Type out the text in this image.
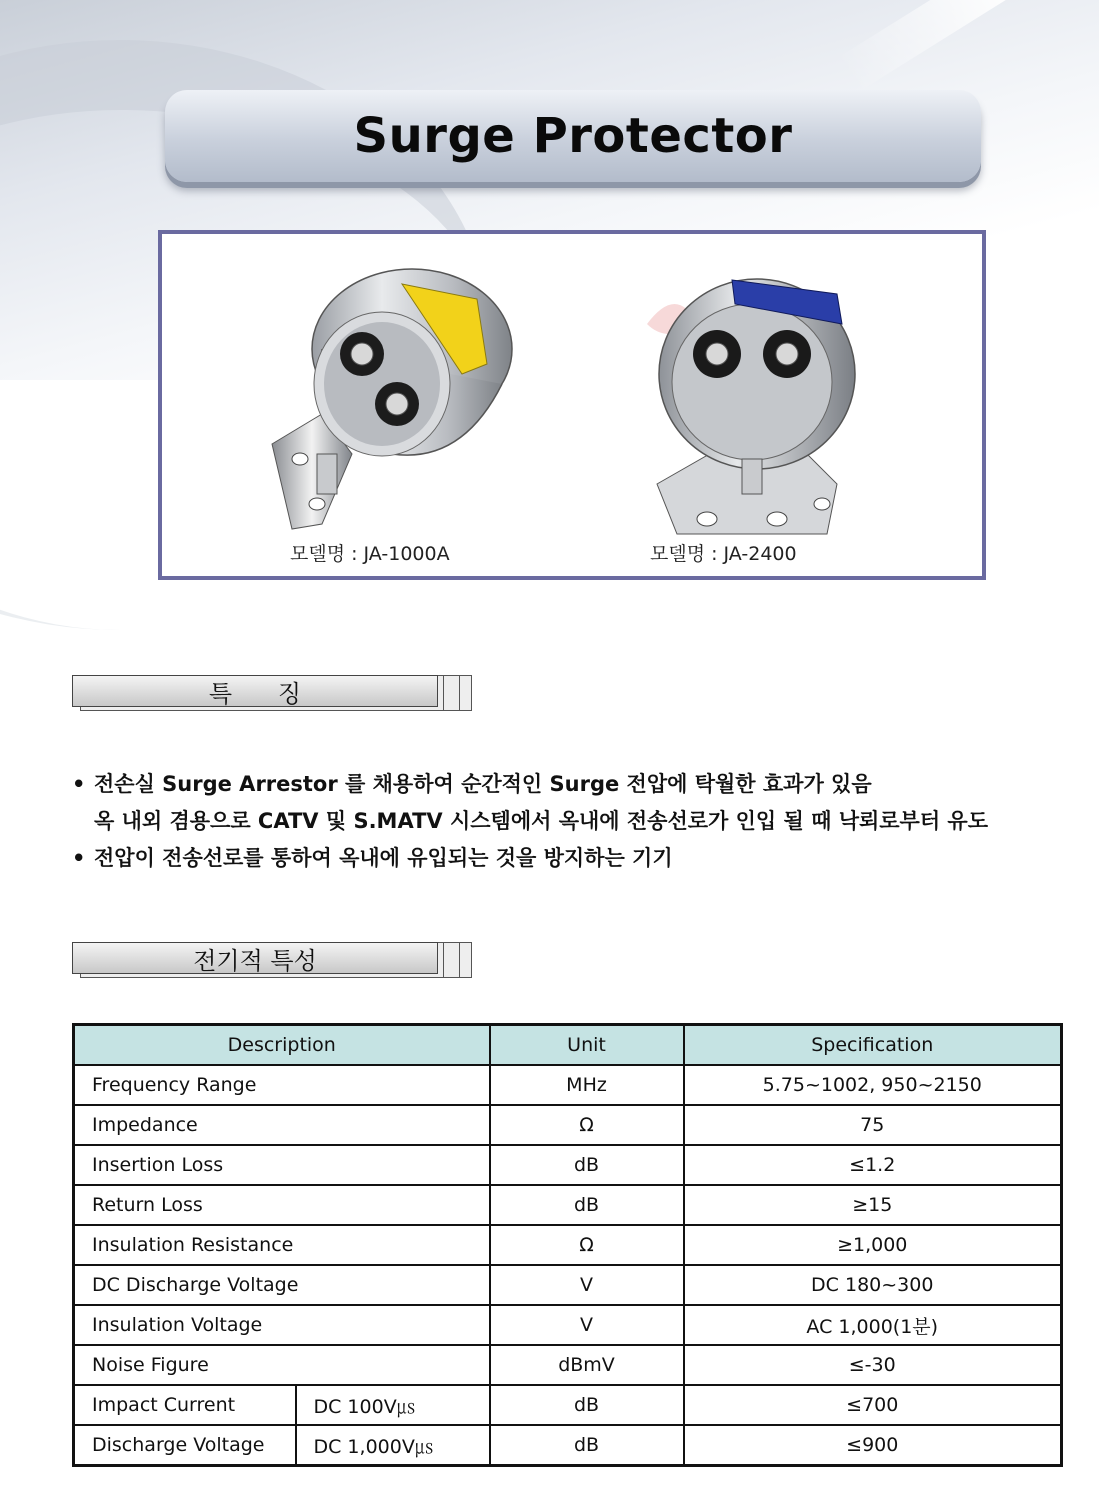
Surge Protector
모델명 : JA-1000A	모델명 : JA-2400
특      징
• 전손실 Surge Arrestor 를 채용하여 순간적인 Surge 전압에 탁월한 효과가 있음
옥 내외 겸용으로 CATV 및 S.MATV 시스템에서 옥내에 전송선로가 인입 될 때 낙뢰로부터 유도
• 전압이 전송선로를 통하여 옥내에 유입되는 것을 방지하는 기기
전기적 특성
Description		Unit	Specification
Frequency Range		MHz	5.75~1002, 950~2150
Impedance		Ω	75
Insertion Loss		dB	≤1.2
Return Loss		dB	≥15
Insulation Resistance		Ω	≥1,000
DC Discharge Voltage		V	DC 180~300
Insulation Voltage		V	AC 1,000(1분)
Noise Figure		dBmV	≤-30
Impact Current	DC 100V㎲	dB	≤700
Discharge Voltage	DC 1,000V㎲	dB	≤900
